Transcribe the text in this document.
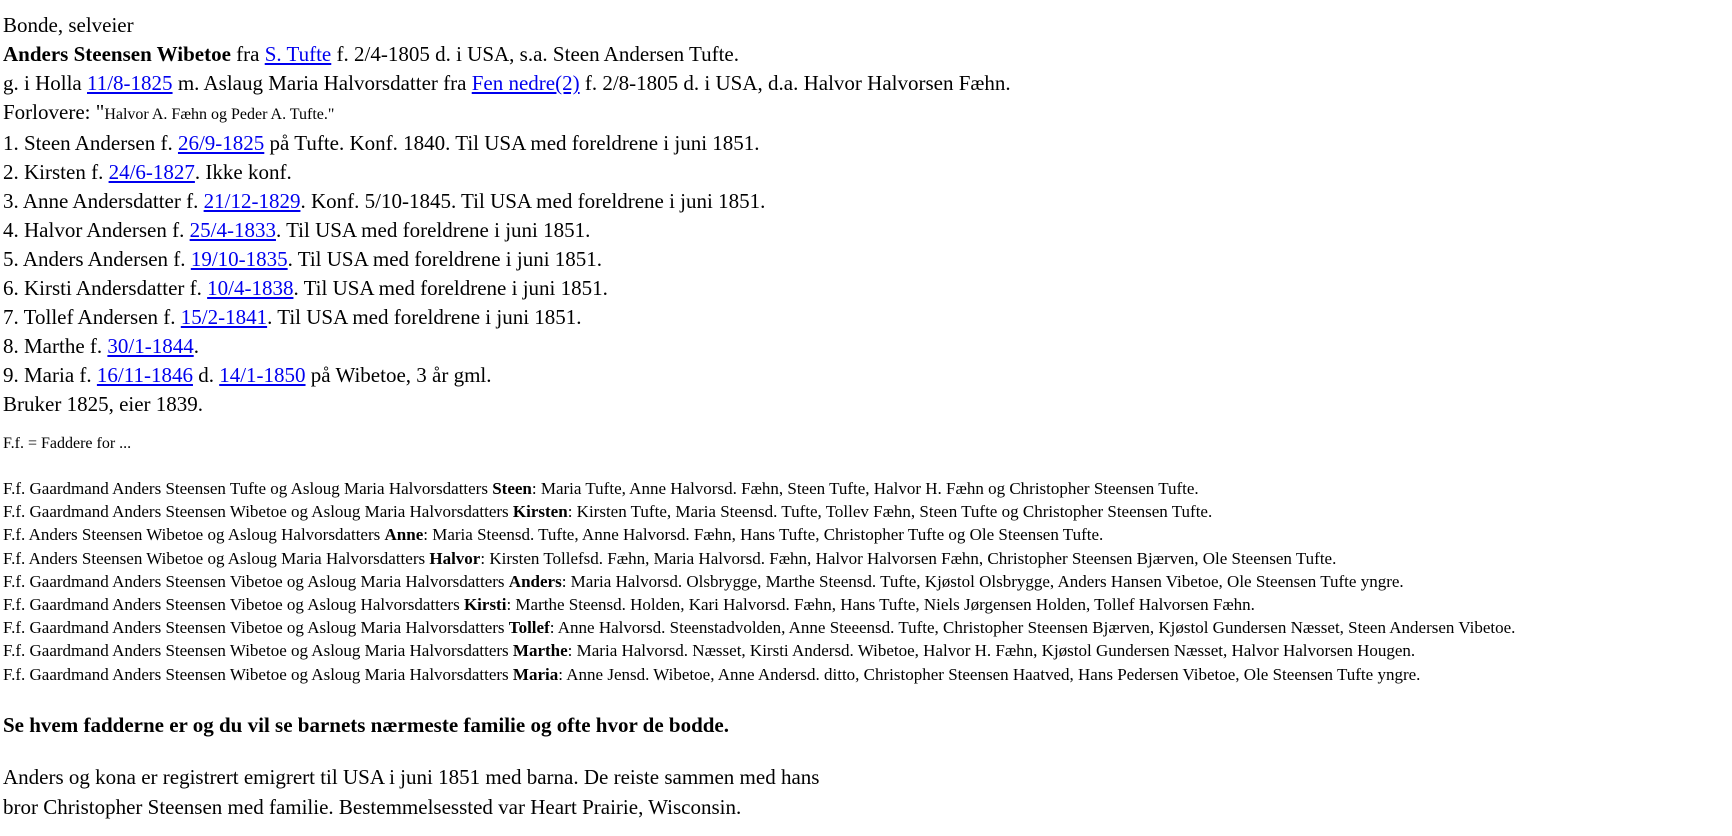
Bonde, selveier
Anders Steensen Wibetoe fra S. Tufte f. 2/4-1805 d. i USA, s.a. Steen Andersen Tufte.
g. i Holla 11/8-1825 m. Aslaug Maria Halvorsdatter fra Fen nedre(2) f. 2/8-1805 d. i USA, d.a. Halvor Halvorsen Fæhn.
Forlovere: "Halvor A. Fæhn og Peder A. Tufte."
1. Steen Andersen f. 26/9-1825 på Tufte. Konf. 1840. Til USA med foreldrene i juni 1851.
2. Kirsten f. 24/6-1827. Ikke konf.
3. Anne Andersdatter f. 21/12-1829. Konf. 5/10-1845. Til USA med foreldrene i juni 1851.
4. Halvor Andersen f. 25/4-1833. Til USA med foreldrene i juni 1851.
5. Anders Andersen f. 19/10-1835. Til USA med foreldrene i juni 1851.
6. Kirsti Andersdatter f. 10/4-1838. Til USA med foreldrene i juni 1851.
7. Tollef Andersen f. 15/2-1841. Til USA med foreldrene i juni 1851.
8. Marthe f. 30/1-1844.
9. Maria f. 16/11-1846 d. 14/1-1850 på Wibetoe, 3 år gml.
Bruker 1825, eier 1839.
F.f. = Faddere for ...
F.f. Gaardmand Anders Steensen Tufte og Asloug Maria Halvorsdatters Steen: Maria Tufte, Anne Halvorsd. Fæhn, Steen Tufte, Halvor H. Fæhn og Christopher Steensen Tufte.
F.f. Gaardmand Anders Steensen Wibetoe og Asloug Maria Halvorsdatters Kirsten: Kirsten Tufte, Maria Steensd. Tufte, Tollev Fæhn, Steen Tufte og Christopher Steensen Tufte.
F.f. Anders Steensen Wibetoe og Asloug Halvorsdatters Anne: Maria Steensd. Tufte, Anne Halvorsd. Fæhn, Hans Tufte, Christopher Tufte og Ole Steensen Tufte.
F.f. Anders Steensen Wibetoe og Asloug Maria Halvorsdatters Halvor: Kirsten Tollefsd. Fæhn, Maria Halvorsd. Fæhn, Halvor Halvorsen Fæhn, Christopher Steensen Bjærven, Ole Steensen Tufte.
F.f. Gaardmand Anders Steensen Vibetoe og Asloug Maria Halvorsdatters Anders: Maria Halvorsd. Olsbrygge, Marthe Steensd. Tufte, Kjøstol Olsbrygge, Anders Hansen Vibetoe, Ole Steensen Tufte yngre.
F.f. Gaardmand Anders Steensen Vibetoe og Asloug Halvorsdatters Kirsti: Marthe Steensd. Holden, Kari Halvorsd. Fæhn, Hans Tufte, Niels Jørgensen Holden, Tollef Halvorsen Fæhn.
F.f. Gaardmand Anders Steensen Vibetoe og Asloug Maria Halvorsdatters Tollef: Anne Halvorsd. Steenstadvolden, Anne Steeensd. Tufte, Christopher Steensen Bjærven, Kjøstol Gundersen Næsset, Steen Andersen Vibetoe.
F.f. Gaardmand Anders Steensen Wibetoe og Asloug Maria Halvorsdatters Marthe: Maria Halvorsd. Næsset, Kirsti Andersd. Wibetoe, Halvor H. Fæhn, Kjøstol Gundersen Næsset, Halvor Halvorsen Hougen.
F.f. Gaardmand Anders Steensen Wibetoe og Asloug Maria Halvorsdatters Maria: Anne Jensd. Wibetoe, Anne Andersd. ditto, Christopher Steensen Haatved, Hans Pedersen Vibetoe, Ole Steensen Tufte yngre.
Se hvem fadderne er og du vil se barnets nærmeste familie og ofte hvor de bodde.
Anders og kona er registrert emigrert til USA i juni 1851 med barna. De reiste sammen med hans
bror Christopher Steensen med familie. Bestemmelsessted var Heart Prairie, Wisconsin.
